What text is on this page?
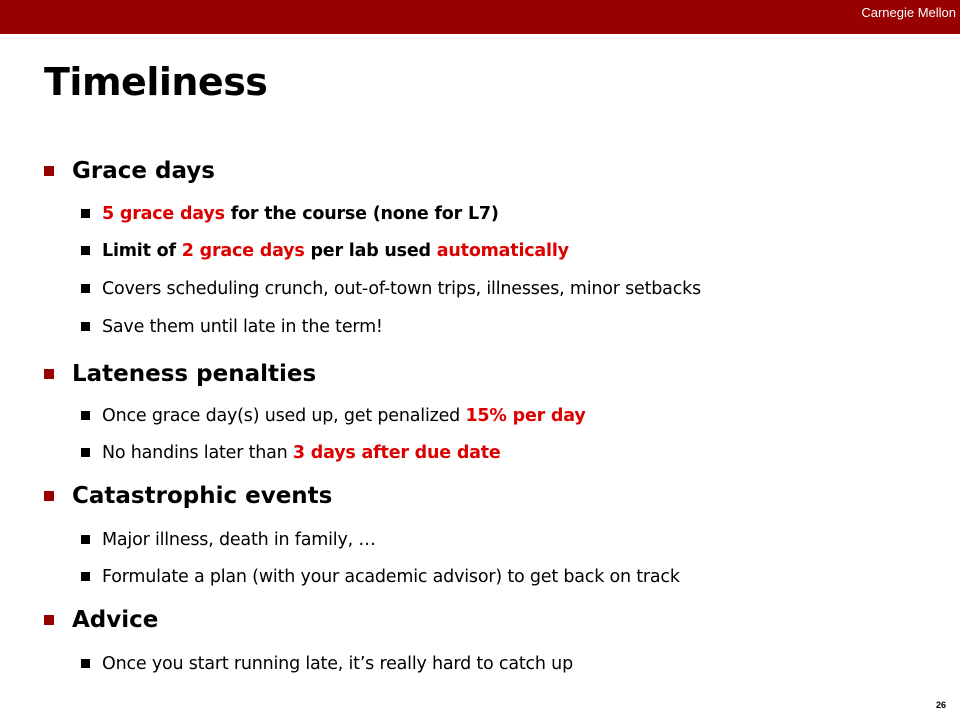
Carnegie Mellon
Timeliness
Grace days
5 grace days for the course (none for L7)
Limit of 2 grace days per lab used automatically
Covers scheduling crunch, out-of-town trips, illnesses, minor setbacks
Save them until late in the term!
Lateness penalties
Once grace day(s) used up, get penalized 15% per day
No handins later than 3 days after due date
Catastrophic events
Major illness, death in family, …
Formulate a plan (with your academic advisor) to get back on track
Advice
Once you start running late, it’s really hard to catch up
26
